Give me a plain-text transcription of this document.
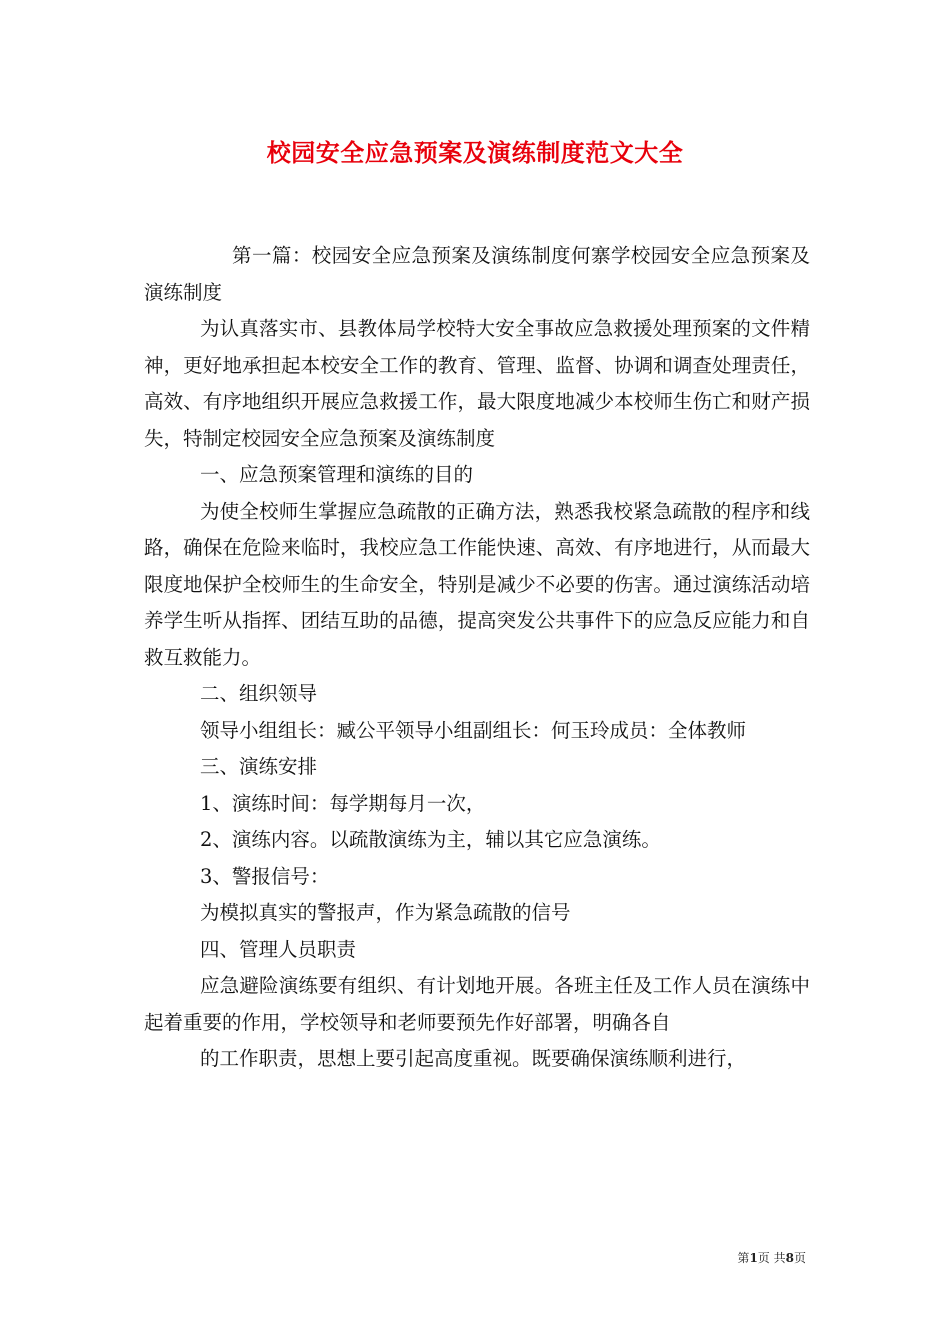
校园安全应急预案及演练制度范文大全

第一篇：校园安全应急预案及演练制度何寨学校园安全应急预案及演练制度

为认真落实市、县教体局学校特大安全事故应急救援处理预案的文件精神，更好地承担起本校安全工作的教育、管理、监督、协调和调查处理责任，高效、有序地组织开展应急救援工作，最大限度地减少本校师生伤亡和财产损失，特制定校园安全应急预案及演练制度

一、应急预案管理和演练的目的

为使全校师生掌握应急疏散的正确方法，熟悉我校紧急疏散的程序和线路，确保在危险来临时，我校应急工作能快速、高效、有序地进行，从而最大限度地保护全校师生的生命安全，特别是减少不必要的伤害。通过演练活动培养学生听从指挥、团结互助的品德，提高突发公共事件下的应急反应能力和自救互救能力。

二、组织领导

领导小组组长：臧公平领导小组副组长：何玉玲成员：全体教师

三、演练安排

1、演练时间：每学期每月一次，

2、演练内容。以疏散演练为主，辅以其它应急演练。

3、警报信号：

为模拟真实的警报声，作为紧急疏散的信号

四、管理人员职责

应急避险演练要有组织、有计划地开展。各班主任及工作人员在演练中起着重要的作用，学校领导和老师要预先作好部署，明确各自

的工作职责，思想上要引起高度重视。既要确保演练顺利进行，

第1页 共8页
